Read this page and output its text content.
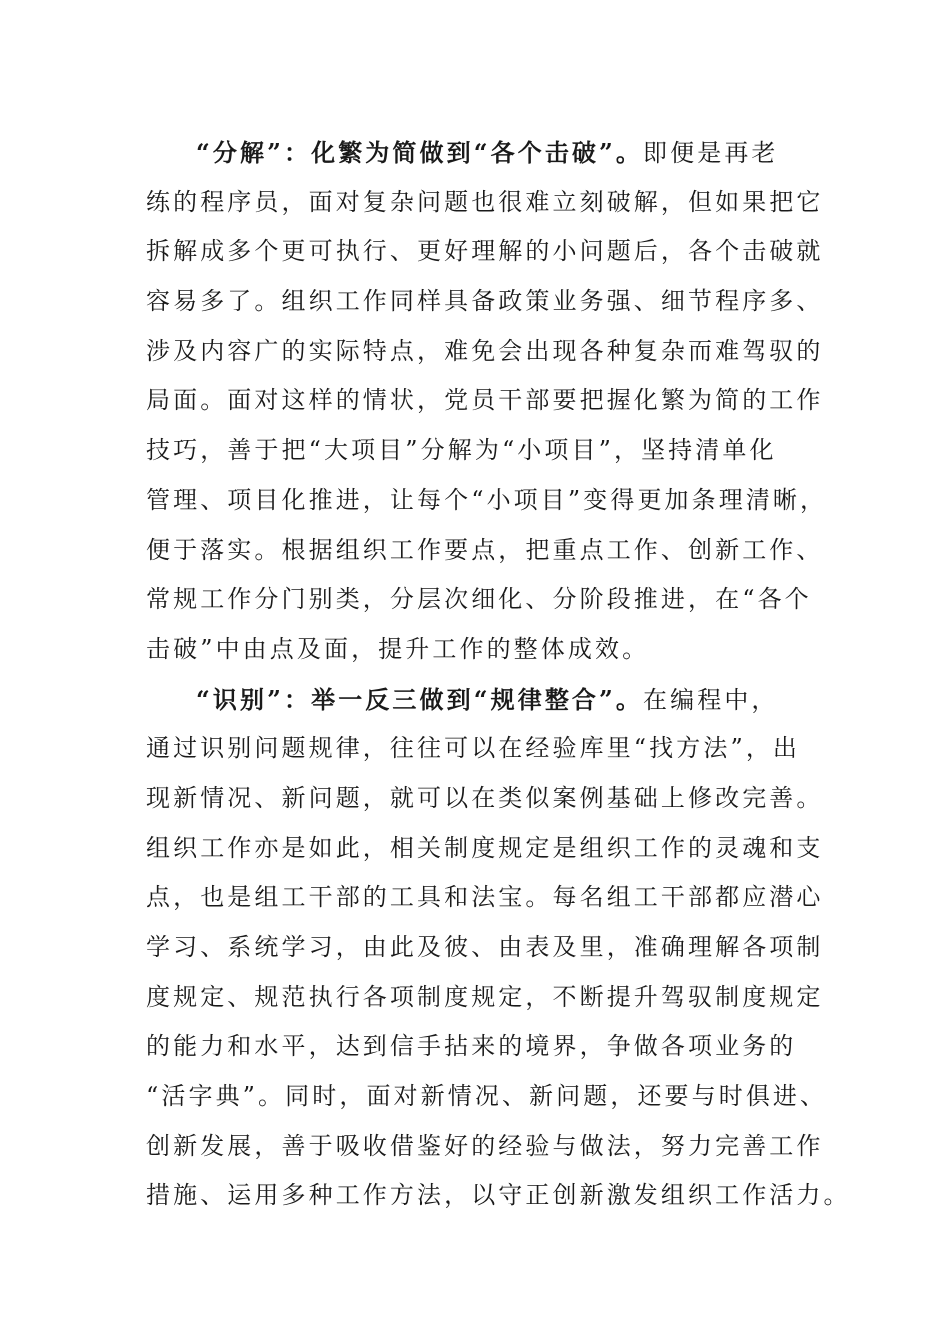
“分解”：化繁为简做到“各个击破”。即便是再老
练的程序员，面对复杂问题也很难立刻破解，但如果把它
拆解成多个更可执行、更好理解的小问题后，各个击破就
容易多了。组织工作同样具备政策业务强、细节程序多、
涉及内容广的实际特点，难免会出现各种复杂而难驾驭的
局面。面对这样的情状，党员干部要把握化繁为简的工作
技巧，善于把“大项目”分解为“小项目”，坚持清单化
管理、项目化推进，让每个“小项目”变得更加条理清晰，
便于落实。根据组织工作要点，把重点工作、创新工作、
常规工作分门别类，分层次细化、分阶段推进，在“各个
击破”中由点及面，提升工作的整体成效。
“识别”：举一反三做到“规律整合”。在编程中，
通过识别问题规律，往往可以在经验库里“找方法”，出
现新情况、新问题，就可以在类似案例基础上修改完善。
组织工作亦是如此，相关制度规定是组织工作的灵魂和支
点，也是组工干部的工具和法宝。每名组工干部都应潜心
学习、系统学习，由此及彼、由表及里，准确理解各项制
度规定、规范执行各项制度规定，不断提升驾驭制度规定
的能力和水平，达到信手拈来的境界，争做各项业务的
“活字典”。同时，面对新情况、新问题，还要与时俱进、
创新发展，善于吸收借鉴好的经验与做法，努力完善工作
措施、运用多种工作方法，以守正创新激发组织工作活力。
